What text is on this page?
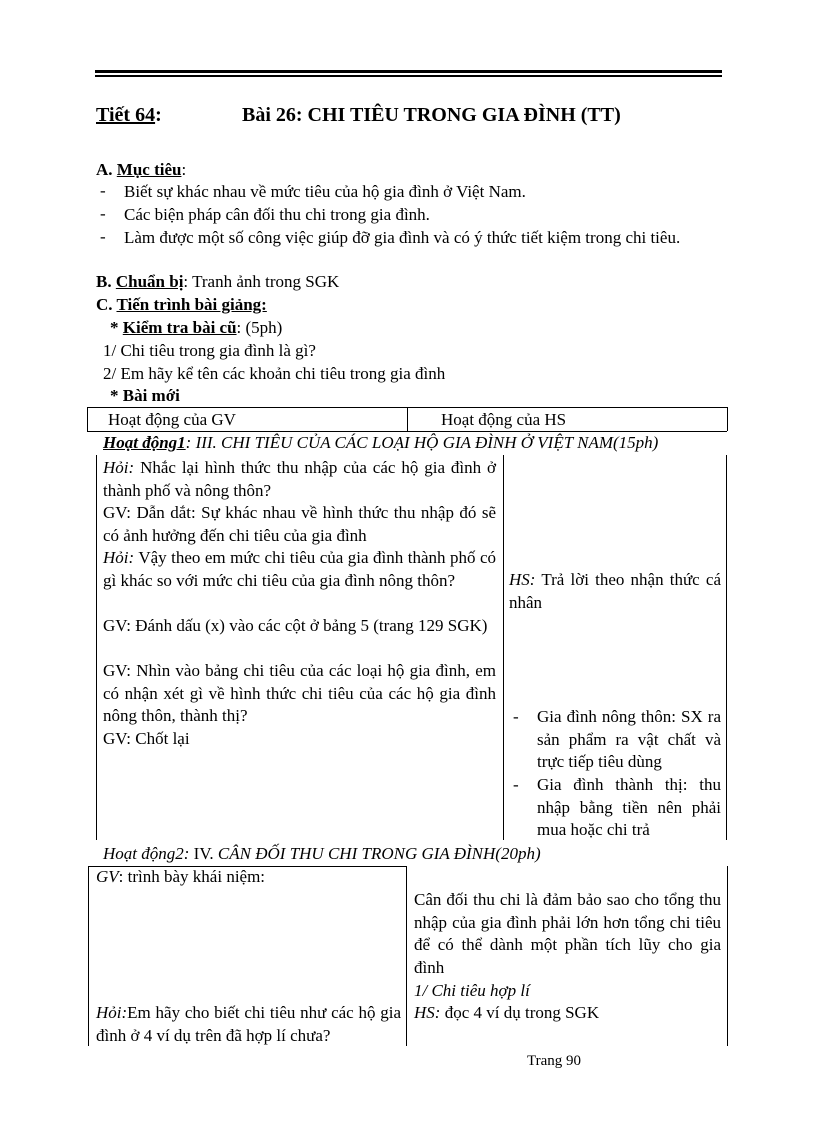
Tiết 64:	Bài 26: CHI TIÊU TRONG GIA ĐÌNH (TT)
A. Mục tiêu:
- Biết sự khác nhau về mức tiêu của hộ gia đình ở Việt Nam.
- Các biện pháp cân đối thu chi trong gia đình.
- Làm được một số công việc giúp đỡ gia đình và có ý thức tiết kiệm trong chi tiêu.
B. Chuẩn bị: Tranh ảnh trong SGK
C. Tiến trình bài giảng:
* Kiểm tra bài cũ: (5ph)
1/ Chi tiêu trong gia đình là gì?
2/ Em hãy kể tên các khoản chi tiêu trong gia đình
* Bài mới
Hoạt động của GV	Hoạt động của HS
Hoạt động1: III. CHI TIÊU CỦA CÁC LOẠI HỘ GIA ĐÌNH Ở VIỆT NAM(15ph)
Hỏi: Nhắc lại hình thức thu nhập của các hộ gia đình ở thành phố và nông thôn?
GV: Dẫn dắt: Sự khác nhau về hình thức thu nhập đó sẽ có ảnh hưởng đến chi tiêu của gia đình
Hỏi: Vậy theo em mức chi tiêu của gia đình thành phố có gì khác so với mức chi tiêu của gia đình nông thôn?
GV: Đánh dấu (x) vào các cột ở bảng 5 (trang 129 SGK)
GV: Nhìn vào bảng chi tiêu của các loại hộ gia đình, em có nhận xét gì về hình thức chi tiêu của các hộ gia đình nông thôn, thành thị?
GV: Chốt lại
HS: Trả lời theo nhận thức cá nhân
- Gia đình nông thôn: SX ra sản phẩm ra vật chất và trực tiếp tiêu dùng
- Gia đình thành thị: thu nhập bằng tiền nên phải mua hoặc chi trả
Hoạt động2: IV. CÂN ĐỐI THU CHI TRONG GIA ĐÌNH(20ph)
GV: trình bày khái niệm:
Hỏi:Em hãy cho biết chi tiêu như các hộ gia đình ở 4 ví dụ trên đã hợp lí chưa?
Cân đối thu chi là đảm bảo sao cho tổng thu nhập của gia đình phải lớn hơn tổng chi tiêu để có thể dành một phần tích lũy cho gia đình
1/ Chi tiêu hợp lí
HS: đọc 4 ví dụ trong SGK
Trang 90
